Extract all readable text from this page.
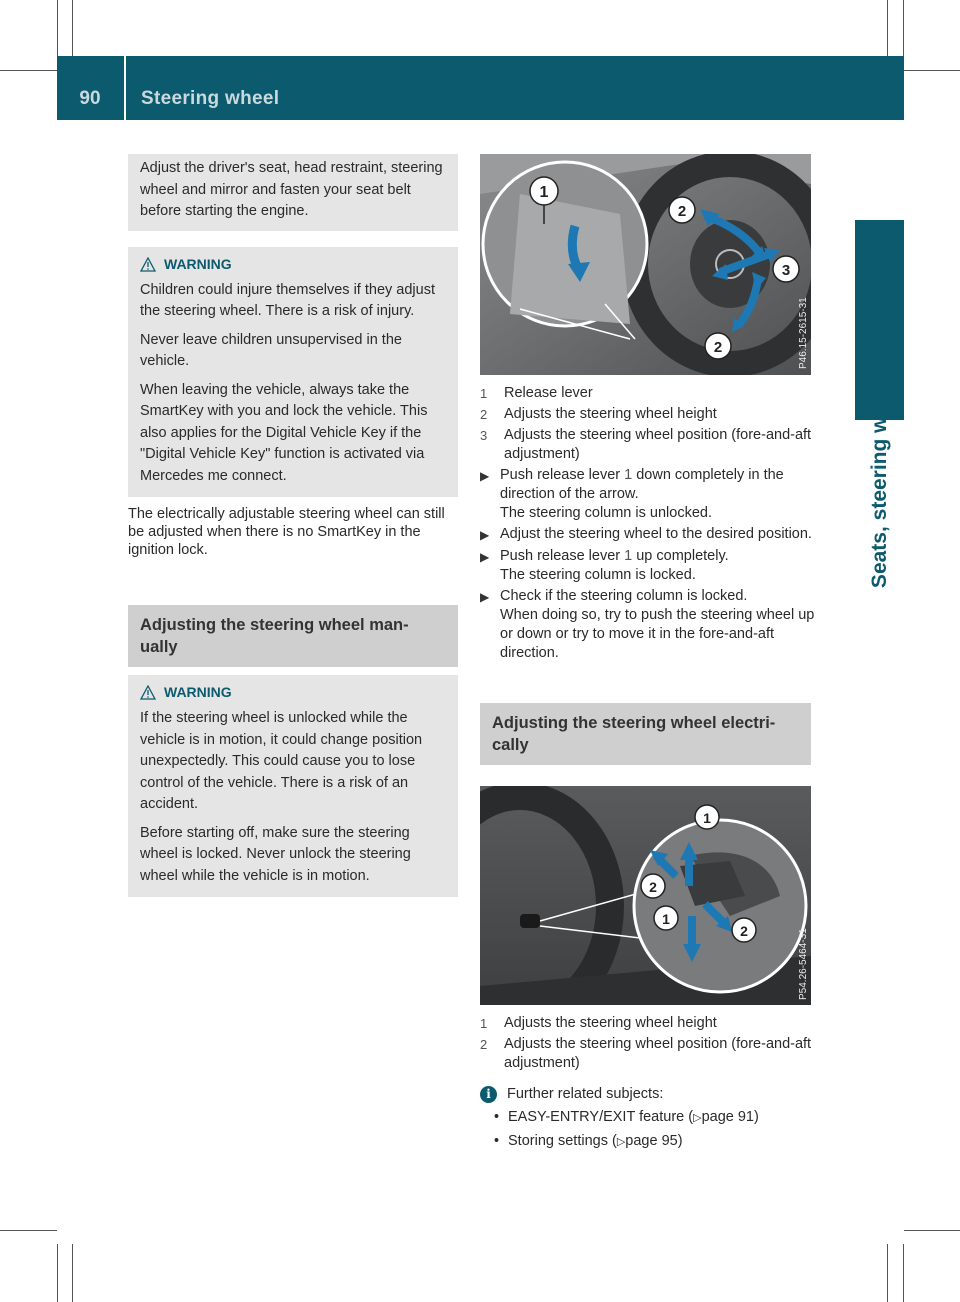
90	Steering wheel
Seats, steering wheel and mirrors

Adjust the driver's seat, head restraint, steering wheel and mirror and fasten your seat belt before starting the engine.

WARNING

Children could injure themselves if they adjust the steering wheel. There is a risk of injury.

Never leave children unsupervised in the vehicle.

When leaving the vehicle, always take the SmartKey with you and lock the vehicle. This also applies for the Digital Vehicle Key if the "Digital Vehicle Key" function is activated via Mercedes me connect.

The electrically adjustable steering wheel can still be adjusted when there is no SmartKey in the ignition lock.

Adjusting the steering wheel man-ually
WARNING

If the steering wheel is unlocked while the vehicle is in motion, it could change position unexpectedly. This could cause you to lose control of the vehicle. There is a risk of an accident.

Before starting off, make sure the steering wheel is locked. Never unlock the steering wheel while the vehicle is in motion.

1
2
3
2	P46.15-2615-31
1	Release lever
2	Adjusts the steering wheel height
3	Adjusts the steering wheel position (fore-and-aft adjustment)
▶ Push release lever 1 down completely in the direction of the arrow.
The steering column is unlocked.
▶ Adjust the steering wheel to the desired position.
▶ Push release lever 1 up completely.
The steering column is locked.
▶ Check if the steering column is locked.
When doing so, try to push the steering wheel up or down or try to move it in the fore-and-aft direction.
Adjusting the steering wheel electri-cally
1
2
1
2	P54.26-5464-31
1	Adjusts the steering wheel height
2	Adjusts the steering wheel position (fore-and-aft adjustment)
i	Further related subjects:
• EASY-ENTRY/EXIT feature (▷page 91)
• Storing settings (▷page 95)
